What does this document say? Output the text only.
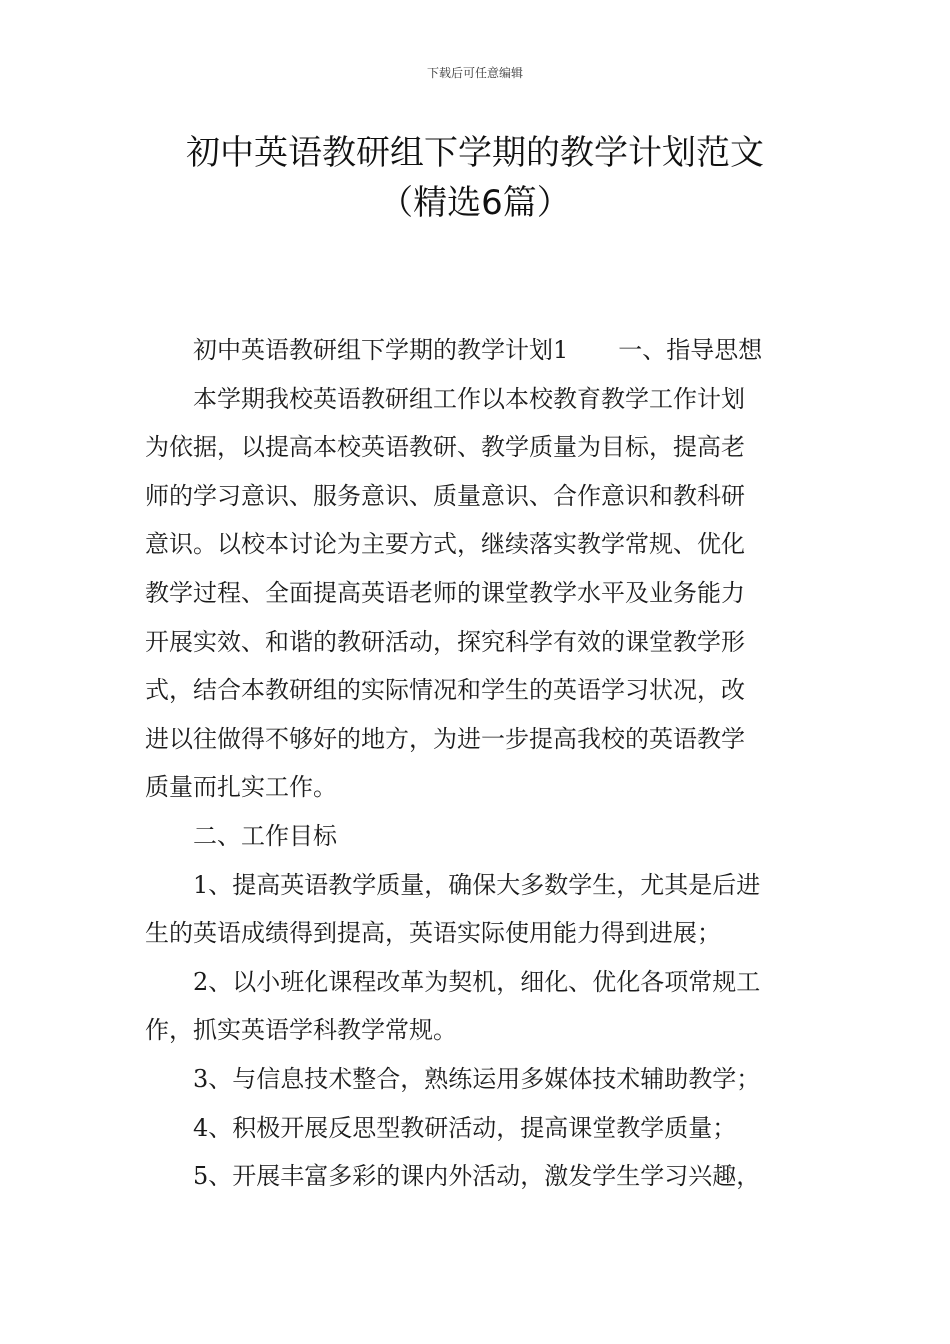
下载后可任意编辑
初中英语教研组下学期的教学计划范文
（精选6篇）
初中英语教研组下学期的教学计划1 一、指导思想
本学期我校英语教研组工作以本校教育教学工作计划
为依据，以提高本校英语教研、教学质量为目标，提高老
师的学习意识、服务意识、质量意识、合作意识和教科研
意识。以校本讨论为主要方式，继续落实教学常规、优化
教学过程、全面提高英语老师的课堂教学水平及业务能力
开展实效、和谐的教研活动，探究科学有效的课堂教学形
式，结合本教研组的实际情况和学生的英语学习状况，改
进以往做得不够好的地方，为进一步提高我校的英语教学
质量而扎实工作。
二、工作目标
1、提高英语教学质量，确保大多数学生，尤其是后进
生的英语成绩得到提高，英语实际使用能力得到进展；
2、以小班化课程改革为契机，细化、优化各项常规工
作，抓实英语学科教学常规。
3、与信息技术整合，熟练运用多媒体技术辅助教学；
4、积极开展反思型教研活动，提高课堂教学质量；
5、开展丰富多彩的课内外活动，激发学生学习兴趣，
